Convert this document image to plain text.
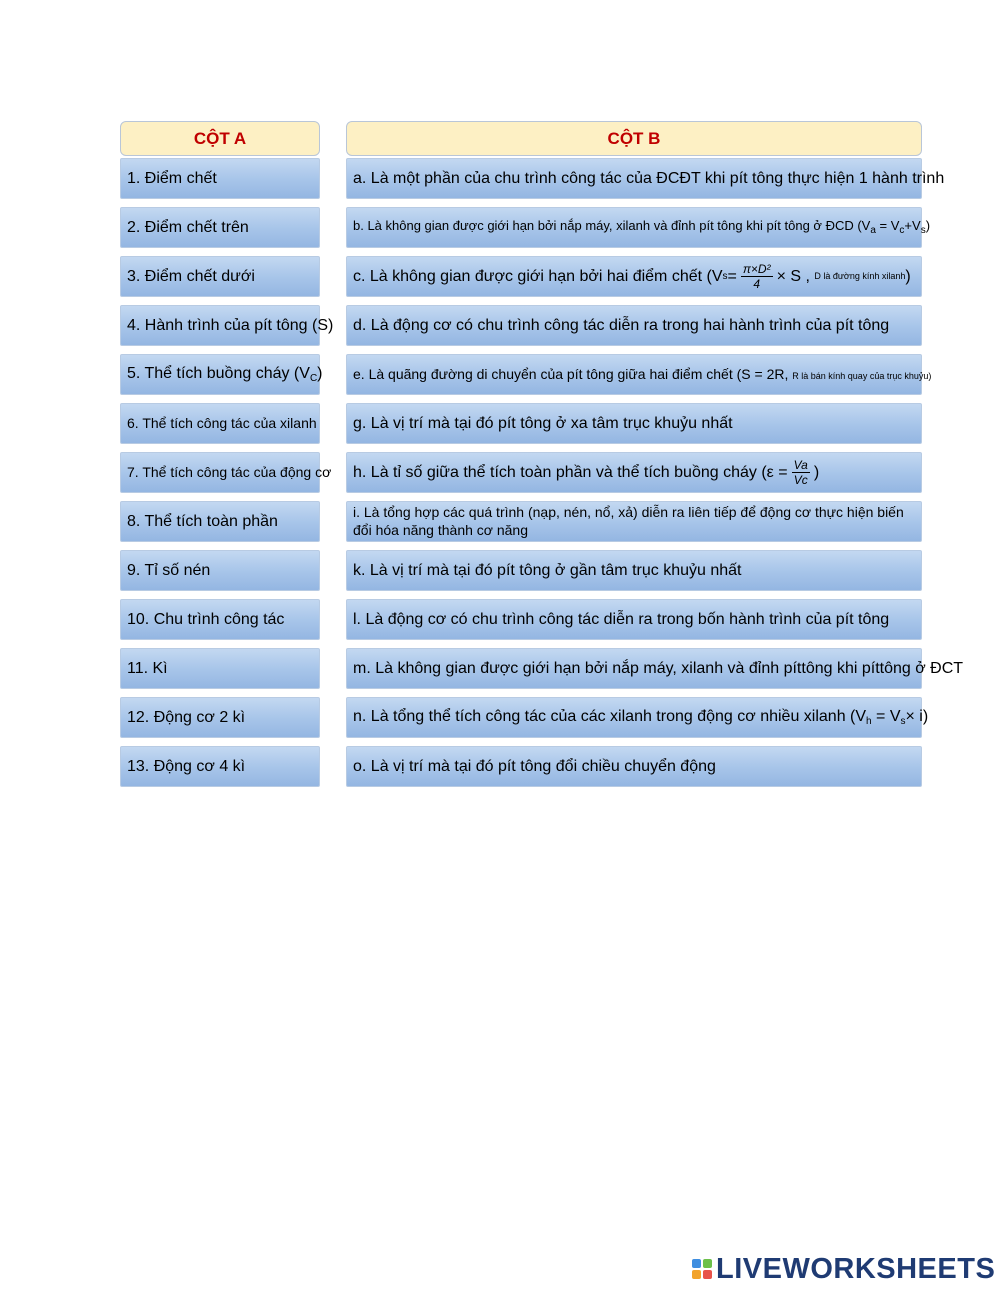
CỘT A	CỘT B
1. Điểm chết
2. Điểm chết trên
3. Điểm chết dưới
4. Hành trình của pít tông (S)
5. Thể tích buồng cháy $(V_C)$
6. Thể tích công tác của xilanh
7. Thể tích công tác của động cơ
8. Thể tích toàn phần
9. Tỉ số nén
10. Chu trình công tác
11. Kì
12. Động cơ 2 kì
13. Động cơ 4 kì
a. Là một phần của chu trình công tác của ĐCĐT khi pít tông thực hiện 1 hành trình
b. Là không gian được giới hạn bởi nắp máy, xilanh và đỉnh pít tông khi pít tông ở ĐCD $(V_a = V_c+V_s)$
c. Là không gian được giới hạn bởi hai điểm chết (V $s = \frac{\text{π×D²}}{4} \times S$ ,
D là đường kính xilanh )
d. Là động cơ có chu trình công tác diễn ra trong hai hành trình của pít tông
e. Là quãng đường di chuyển của pít tông giữa hai điểm chết (S = 2R, R là bán kính quay của trục khuỷu)
g. Là vị trí mà tại đó pít tông ở xa tâm trục khuỷu nhất
h. Là tỉ số giữa thể tích toàn phần và thể tích buồng cháy ($\varepsilon = \frac{Va}{Vc}$ )
i. Là tổng hợp các quá trình (nạp, nén, nổ, xả) diễn ra liên tiếp để động cơ thực hiện biến đổi hóa năng thành cơ năng
k. Là vị trí mà tại đó pít tông ở gần tâm trục khuỷu nhất
l. Là động cơ có chu trình công tác diễn ra trong bốn hành trình của pít tông
m. Là không gian được giới hạn bởi nắp máy, xilanh và đỉnh píttông khi píttông ở ĐCT
n. Là tổng thể tích công tác của các xilanh trong động cơ nhiều xilanh $(V_h = V_s\times i)$
o. Là vị trí mà tại đó pít tông đổi chiều chuyển động
LIVEWORKSHEETS
